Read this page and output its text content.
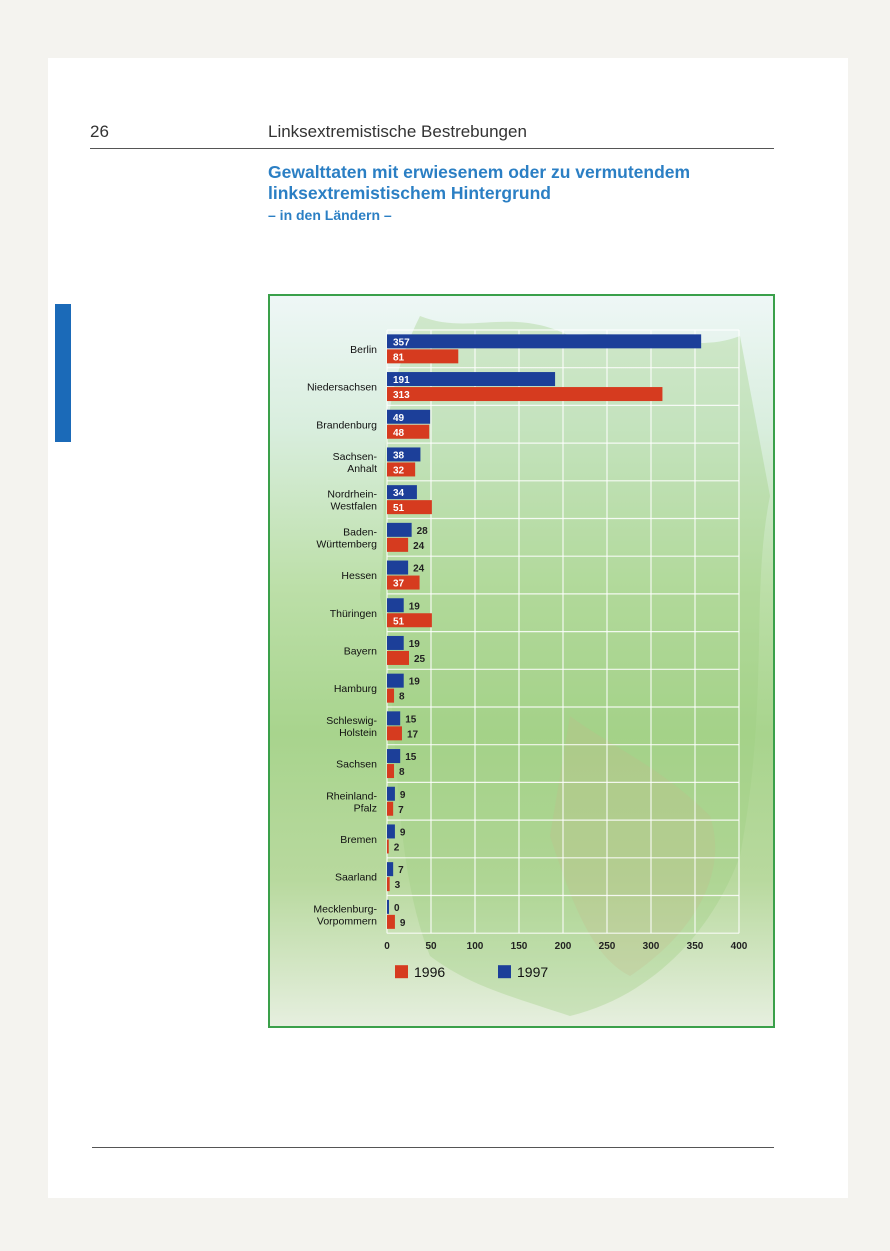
26	Linksextremistische Bestrebungen
Gewalttaten mit erwiesenem oder zu vermutendem
linksextremistischem Hintergrund
– in den Ländern –
357
81
Berlin
191
313
Niedersachsen
49
48
Brandenburg
38
32
Sachsen-Anhalt
34
51
Nordrhein-Westfalen
28
24
Baden-Württemberg
24
37
Hessen
19
51
Thüringen
19
25
Bayern
19
8
Hamburg
15
17
Schleswig-Holstein
15
8
Sachsen
9
7
Rheinland-Pfalz
9
2
Bremen
7
3
Saarland
0
9
Mecklenburg-Vorpommern
0	50	100	150	200	250	300	350	400
1996	1997
